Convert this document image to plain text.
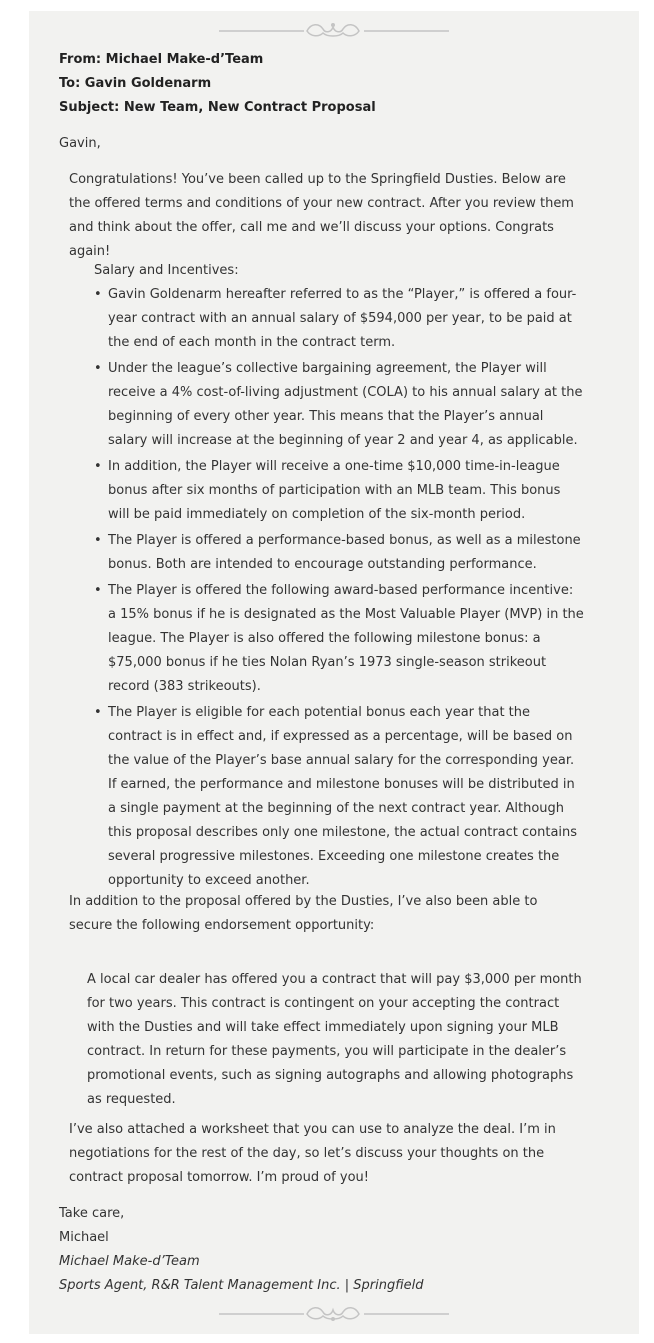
From: Michael Make-d’Team
To: Gavin Goldenarm
Subject: New Team, New Contract Proposal
Gavin,

Congratulations! You’ve been called up to the Springfield Dusties. Below are the offered terms and conditions of your new contract. After you review them and think about the offer, call me and we’ll discuss your options. Congrats again!

Salary and Incentives:
• Gavin Goldenarm hereafter referred to as the “Player,” is offered a four-year contract with an annual salary of $594,000 per year, to be paid at the end of each month in the contract term.
• Under the league’s collective bargaining agreement, the Player will receive a 4% cost-of-living adjustment (COLA) to his annual salary at the beginning of every other year. This means that the Player’s annual salary will increase at the beginning of year 2 and year 4, as applicable.
• In addition, the Player will receive a one-time $10,000 time-in-league bonus after six months of participation with an MLB team. This bonus will be paid immediately on completion of the six-month period.
• The Player is offered a performance-based bonus, as well as a milestone bonus. Both are intended to encourage outstanding performance.
• The Player is offered the following award-based performance incentive: a 15% bonus if he is designated as the Most Valuable Player (MVP) in the league. The Player is also offered the following milestone bonus: a $75,000 bonus if he ties Nolan Ryan’s 1973 single-season strikeout record (383 strikeouts).
• The Player is eligible for each potential bonus each year that the contract is in effect and, if expressed as a percentage, will be based on the value of the Player’s base annual salary for the corresponding year. If earned, the performance and milestone bonuses will be distributed in a single payment at the beginning of the next contract year. Although this proposal describes only one milestone, the actual contract contains several progressive milestones. Exceeding one milestone creates the opportunity to exceed another.

In addition to the proposal offered by the Dusties, I’ve also been able to secure the following endorsement opportunity:

A local car dealer has offered you a contract that will pay $3,000 per month for two years. This contract is contingent on your accepting the contract with the Dusties and will take effect immediately upon signing your MLB contract. In return for these payments, you will participate in the dealer’s promotional events, such as signing autographs and allowing photographs as requested.

I’ve also attached a worksheet that you can use to analyze the deal. I’m in negotiations for the rest of the day, so let’s discuss your thoughts on the contract proposal tomorrow. I’m proud of you!

Take care,
Michael
Michael Make-d’Team
Sports Agent, R&R Talent Management Inc. | Springfield
